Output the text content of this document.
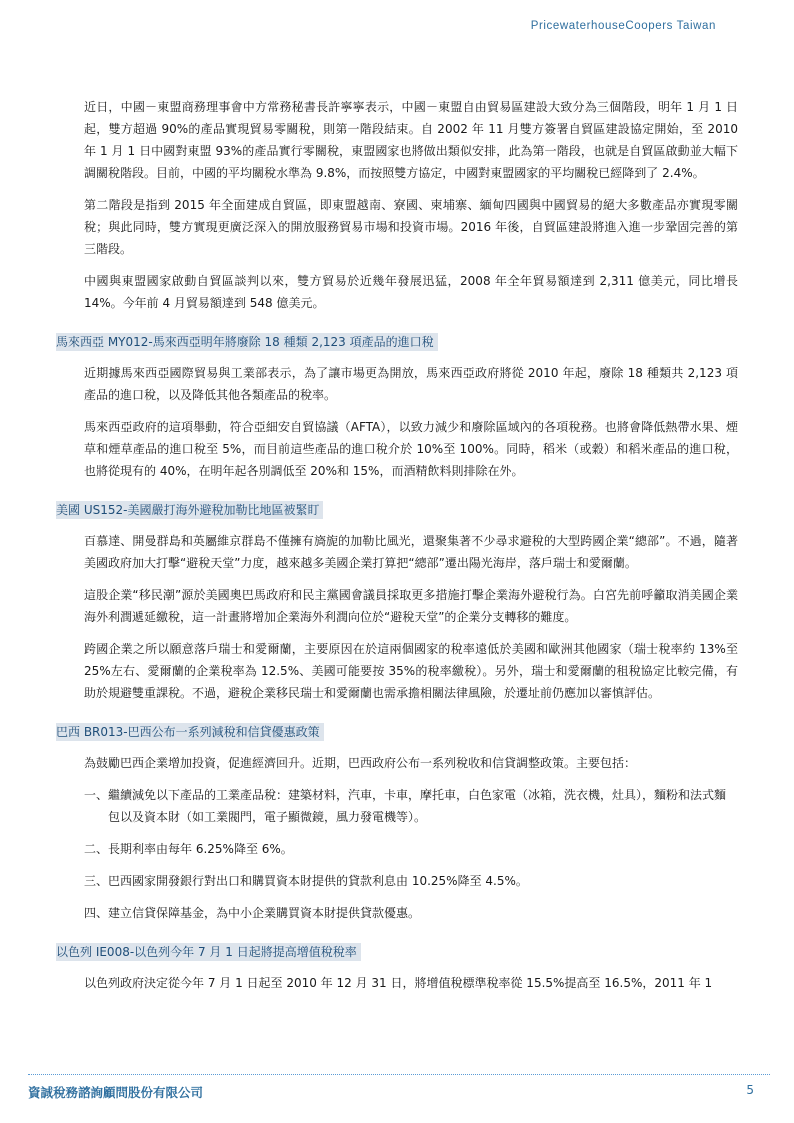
PricewaterhouseCoopers Taiwan

近日，中國－東盟商務理事會中方常務秘書長許寧寧表示，中國－東盟自由貿易區建設大致分為三個階段，明年 1 月 1 日起，雙方超過 90%的產品實現貿易零關稅，則第一階段結束。自 2002 年 11 月雙方簽署自貿區建設協定開始，至 2010 年 1 月 1 日中國對東盟 93%的產品實行零關稅，東盟國家也將做出類似安排，此為第一階段，也就是自貿區啟動並大幅下調關稅階段。目前，中國的平均關稅水準為 9.8%，而按照雙方協定，中國對東盟國家的平均關稅已經降到了 2.4%。

第二階段是指到 2015 年全面建成自貿區，即東盟越南、寮國、柬埔寨、緬甸四國與中國貿易的絕大多數產品亦實現零關稅；與此同時，雙方實現更廣泛深入的開放服務貿易市場和投資市場。2016 年後，自貿區建設將進入進一步鞏固完善的第三階段。

中國與東盟國家啟動自貿區談判以來，雙方貿易於近幾年發展迅猛，2008 年全年貿易額達到 2,311 億美元，同比增長 14%。今年前 4 月貿易額達到 548 億美元。

馬來西亞 MY012-馬來西亞明年將廢除 18 種類 2,123 項產品的進口稅

近期據馬來西亞國際貿易與工業部表示，為了讓市場更為開放，馬來西亞政府將從 2010 年起，廢除 18 種類共 2,123 項產品的進口稅，以及降低其他各類產品的稅率。

馬來西亞政府的這項舉動，符合亞細安自貿協議（AFTA），以致力減少和廢除區域內的各項稅務。也將會降低熱帶水果、煙草和煙草產品的進口稅至 5%，而目前這些產品的進口稅介於 10%至 100%。同時，稻米（或穀）和稻米產品的進口稅，也將從現有的 40%，在明年起各別調低至 20%和 15%，而酒精飲料則排除在外。

美國 US152-美國嚴打海外避稅加勒比地區被緊盯

百慕達、開曼群島和英屬維京群島不僅擁有旖旎的加勒比風光，還聚集著不少尋求避稅的大型跨國企業“總部”。不過，隨著美國政府加大打擊“避稅天堂”力度，越來越多美國企業打算把“總部”遷出陽光海岸，落戶瑞士和愛爾蘭。

這股企業“移民潮”源於美國奧巴馬政府和民主黨國會議員採取更多措施打擊企業海外避稅行為。白宮先前呼籲取消美國企業海外利潤遞延繳稅，這一計畫將增加企業海外利潤向位於“避稅天堂”的企業分支轉移的難度。

跨國企業之所以願意落戶瑞士和愛爾蘭，主要原因在於這兩個國家的稅率遠低於美國和歐洲其他國家（瑞士稅率約 13%至 25%左右、愛爾蘭的企業稅率為 12.5%、美國可能要按 35%的稅率繳稅）。另外，瑞士和愛爾蘭的租稅協定比較完備，有助於規避雙重課稅。不過，避稅企業移民瑞士和愛爾蘭也需承擔相關法律風險，於遷址前仍應加以審慎評估。

巴西 BR013-巴西公布一系列減稅和信貸優惠政策

為鼓勵巴西企業增加投資，促進經濟回升。近期，巴西政府公布一系列稅收和信貸調整政策。主要包括：

一、 繼續減免以下產品的工業產品稅：建築材料，汽車，卡車，摩托車，白色家電（冰箱，洗衣機，灶具），麵粉和法式麵包以及資本財（如工業閥門，電子顯微鏡，風力發電機等）。
二、 長期利率由每年 6.25%降至 6%。
三、 巴西國家開發銀行對出口和購買資本財提供的貸款利息由 10.25%降至 4.5%。
四、 建立信貸保障基金，為中小企業購買資本財提供貸款優惠。
以色列 IE008-以色列今年 7 月 1 日起將提高增值稅稅率

以色列政府決定從今年 7 月 1 日起至 2010 年 12 月 31 日，將增值稅標準稅率從 15.5%提高至 16.5%，2011 年 1

資誠稅務諮詢顧問股份有限公司	5
